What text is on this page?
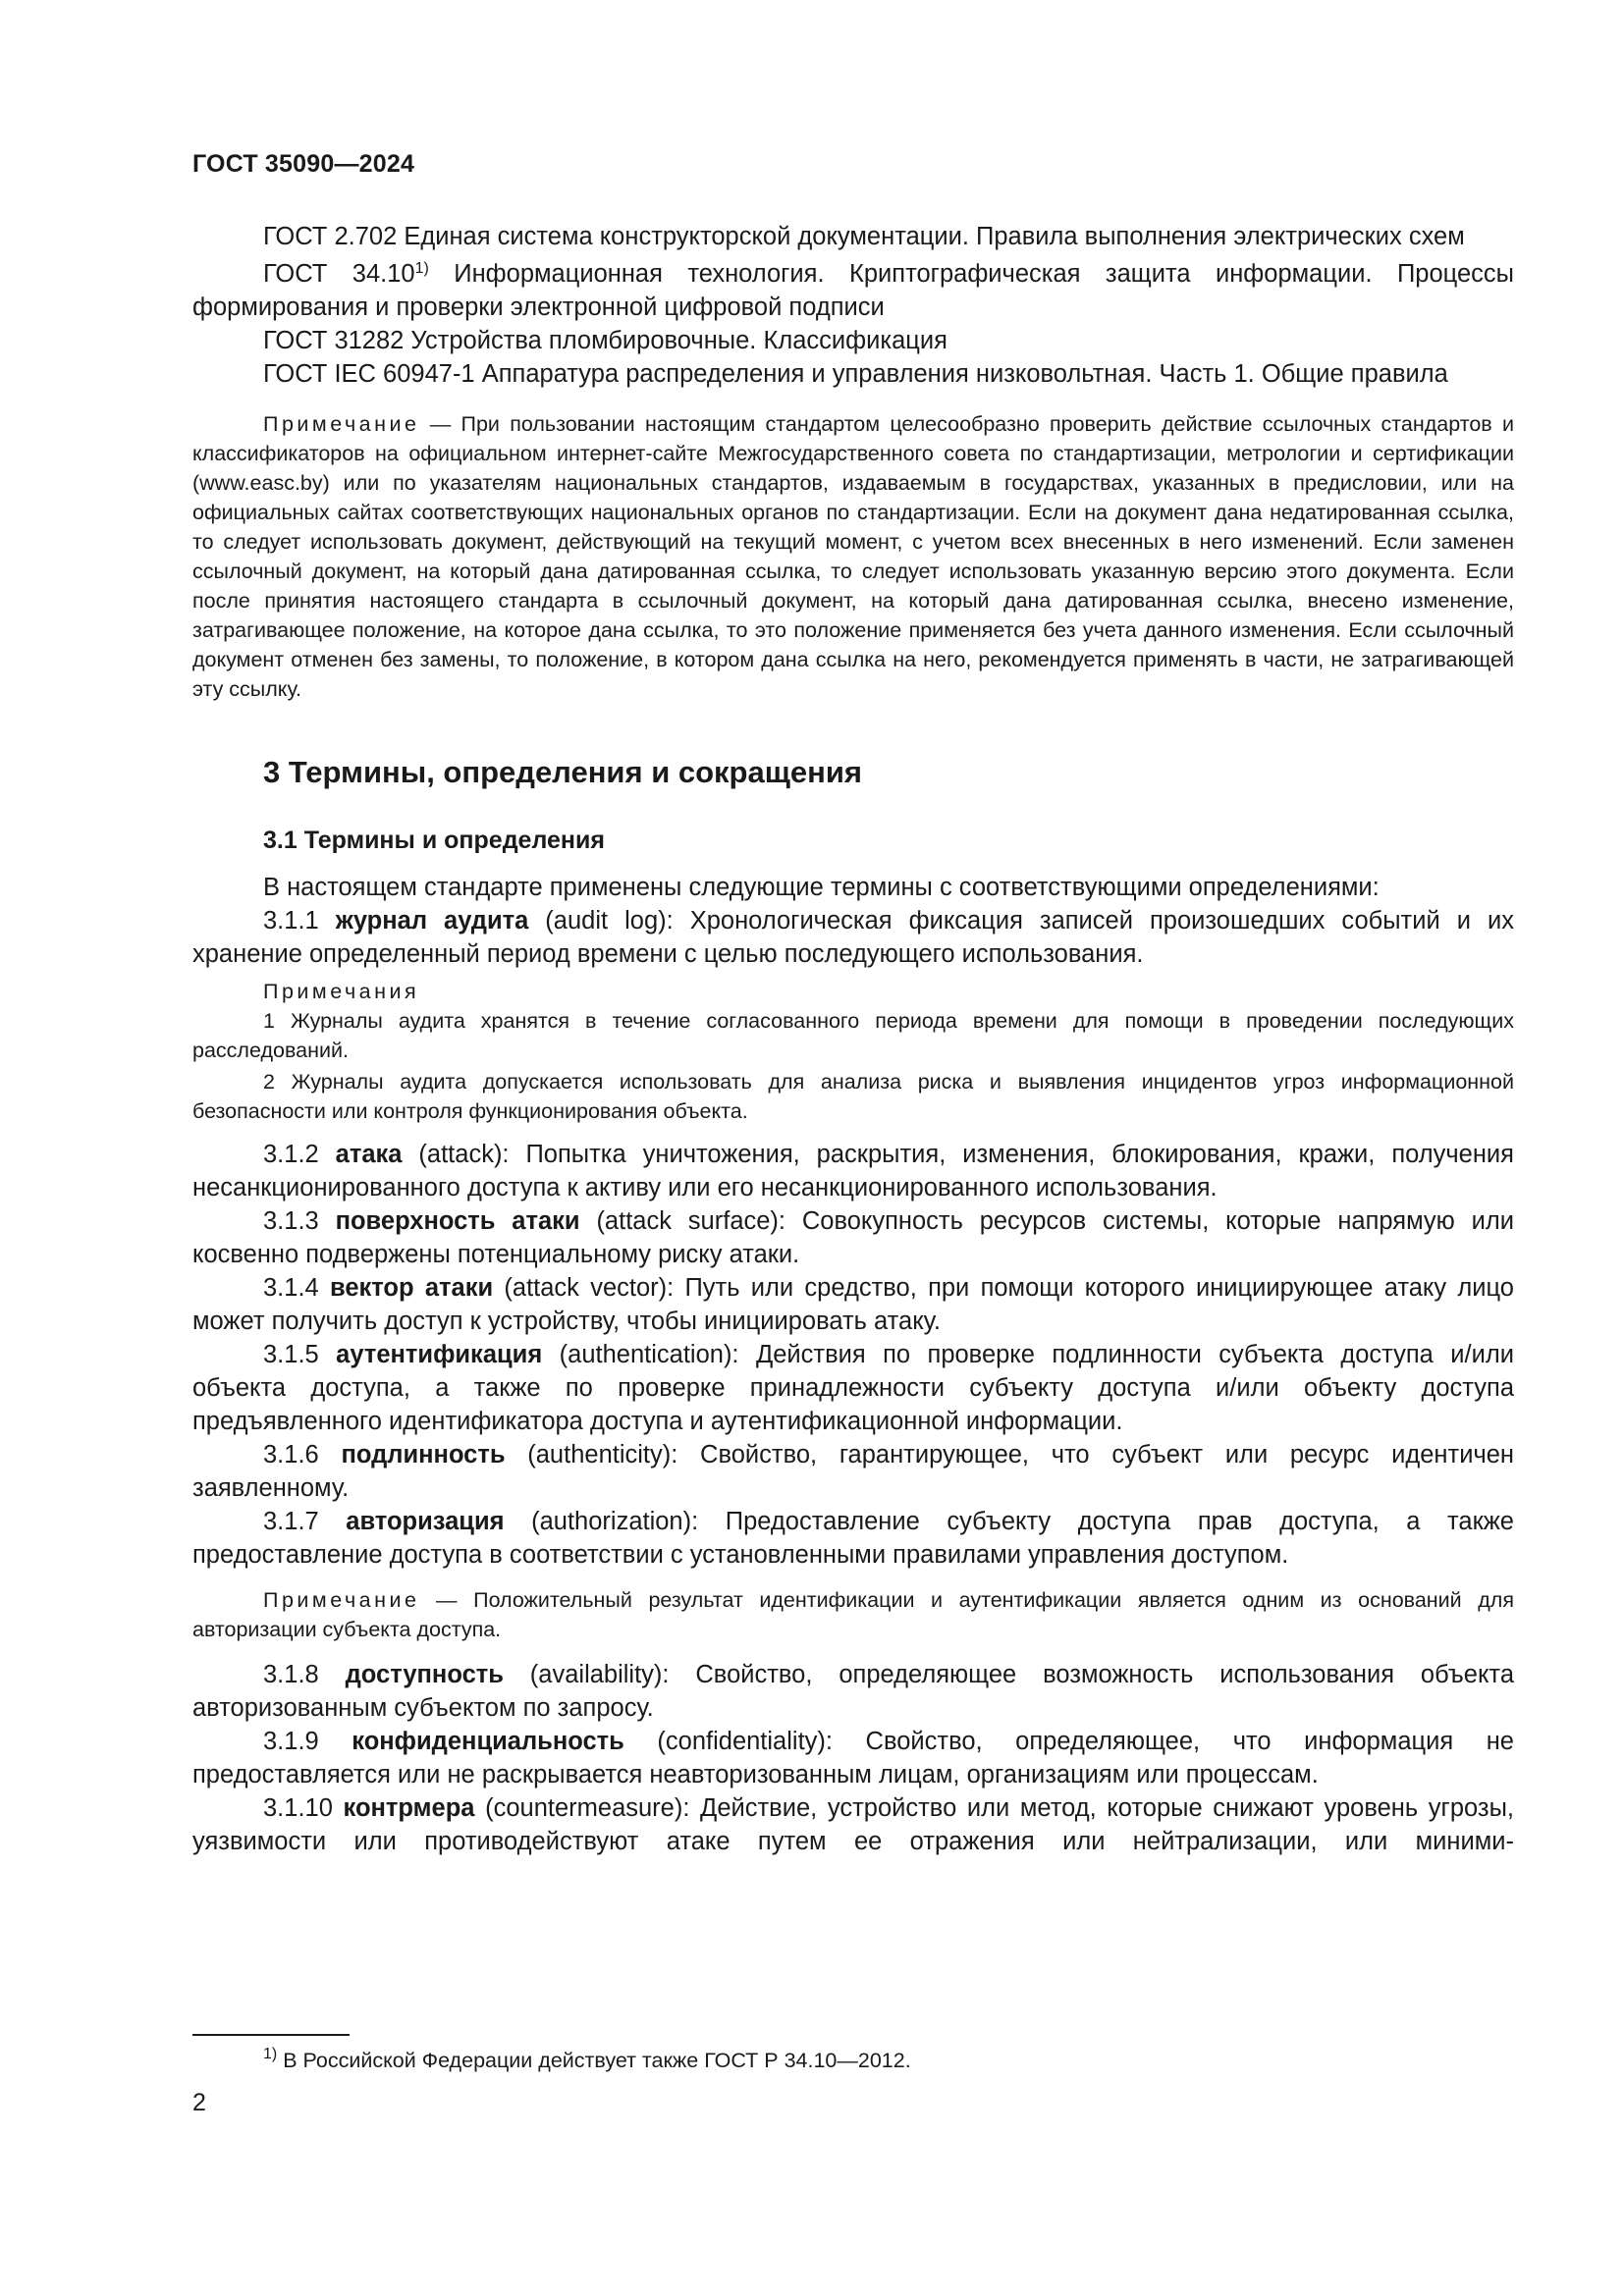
ГОСТ 35090—2024

ГОСТ 2.702 Единая система конструкторской документации. Правила выполнения электрических схем

ГОСТ 34.10$^{1)}$ Информационная технология. Криптографическая защита информации. Процессы формирования и проверки электронной цифровой подписи

ГОСТ 31282 Устройства пломбировочные. Классификация

ГОСТ IEC 60947-1 Аппаратура распределения и управления низковольтная. Часть 1. Общие правила

Примечание — При пользовании настоящим стандартом целесообразно проверить действие ссылочных стандартов и классификаторов на официальном интернет-сайте Межгосударственного совета по стандартизации, метрологии и сертификации (www.easc.by) или по указателям национальных стандартов, издаваемым в государствах, указанных в предисловии, или на официальных сайтах соответствующих национальных органов по стандартизации. Если на документ дана недатированная ссылка, то следует использовать документ, действующий на текущий момент, с учетом всех внесенных в него изменений. Если заменен ссылочный документ, на который дана датированная ссылка, то следует использовать указанную версию этого документа. Если после принятия настоящего стандарта в ссылочный документ, на который дана датированная ссылка, внесено изменение, затрагивающее положение, на которое дана ссылка, то это положение применяется без учета данного изменения. Если ссылочный документ отменен без замены, то положение, в котором дана ссылка на него, рекомендуется применять в части, не затрагивающей эту ссылку.

3 Термины, определения и сокращения

3.1 Термины и определения

В настоящем стандарте применены следующие термины с соответствующими определениями:

3.1.1 журнал аудита (audit log): Хронологическая фиксация записей произошедших событий и их хранение определенный период времени с целью последующего использования.

Примечания

1 Журналы аудита хранятся в течение согласованного периода времени для помощи в проведении последующих расследований.

2 Журналы аудита допускается использовать для анализа риска и выявления инцидентов угроз информационной безопасности или контроля функционирования объекта.

3.1.2 атака (attack): Попытка уничтожения, раскрытия, изменения, блокирования, кражи, получения несанкционированного доступа к активу или его несанкционированного использования.

3.1.3 поверхность атаки (attack surface): Совокупность ресурсов системы, которые напрямую или косвенно подвержены потенциальному риску атаки.

3.1.4 вектор атаки (attack vector): Путь или средство, при помощи которого инициирующее атаку лицо может получить доступ к устройству, чтобы инициировать атаку.

3.1.5 аутентификация (authentication): Действия по проверке подлинности субъекта доступа и/или объекта доступа, а также по проверке принадлежности субъекту доступа и/или объекту доступа предъявленного идентификатора доступа и аутентификационной информации.

3.1.6 подлинность (authenticity): Свойство, гарантирующее, что субъект или ресурс идентичен заявленному.

3.1.7 авторизация (authorization): Предоставление субъекту доступа прав доступа, а также предоставление доступа в соответствии с установленными правилами управления доступом.

Примечание — Положительный результат идентификации и аутентификации является одним из оснований для авторизации субъекта доступа.

3.1.8 доступность (availability): Свойство, определяющее возможность использования объекта авторизованным субъектом по запросу.

3.1.9 конфиденциальность (confidentiality): Свойство, определяющее, что информация не предоставляется или не раскрывается неавторизованным лицам, организациям или процессам.

3.1.10 контрмера (countermeasure): Действие, устройство или метод, которые снижают уровень угрозы, уязвимости или противодействуют атаке путем ее отражения или нейтрализации, или миними-

$^{1)}$ В Российской Федерации действует также ГОСТ Р 34.10—2012.
2
